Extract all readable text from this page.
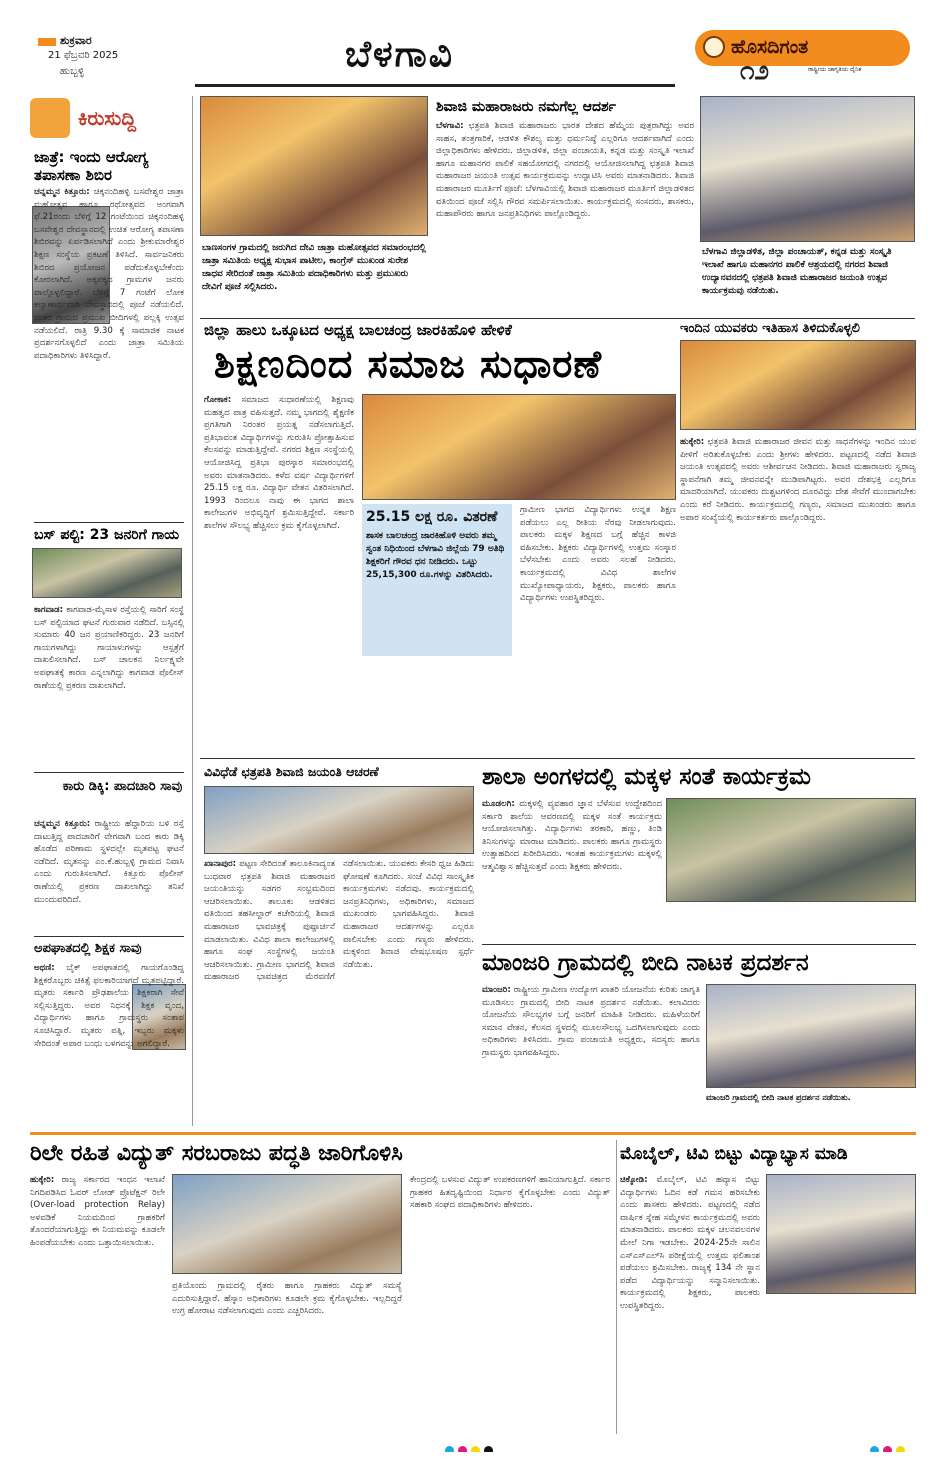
ಶುಕ್ರವಾರ
21 ಫೆಬ್ರವರಿ 2025
ಹುಬ್ಬಳ್ಳಿ	ಬೆಳಗಾವಿ	ಹೊಸದಿಗಂತ
ರಾಷ್ಟ್ರೀಯ ಜಾಗೃತಿಯ ದೈನಿಕ
೧೨
ಕಿರುಸುದ್ದಿ
ಜಾತ್ರೆ: ಇಂದು ಆರೋಗ್ಯ ತಪಾಸಣಾ ಶಿಬಿರ

ಚನ್ನಮ್ಮನ ಕಿತ್ತೂರು: ಚಿಕ್ಕನಂದಿಹಳ್ಳಿ ಬಸವೇಶ್ವರ ಜಾತ್ರಾ ಮಹೋತ್ಸವ ಹಾಗೂ ರಥೋತ್ಸವದ ಅಂಗವಾಗಿ ಫೆ.21ರಂದು ಬೆಳಿಗ್ಗೆ 12 ಗಂಟೆಯಿಂದ ಚಿಕ್ಕನಂದಿಹಳ್ಳಿ ಬಸವೇಶ್ವರ ದೇವಸ್ಥಾನದಲ್ಲಿ ಉಚಿತ ಆರೋಗ್ಯ ತಪಾಸಣಾ ಶಿಬಿರವನ್ನು ಏರ್ಪಡಿಸಲಾಗಿದೆ ಎಂದು ಶ್ರೀಕುಮಾರೇಶ್ವರ ಶಿಕ್ಷಣ ಸಂಸ್ಥೆಯ ಪ್ರಕಟಣೆ ತಿಳಿಸಿದೆ. ಸಾರ್ವಜನಿಕರು ಶಿಬಿರದ ಪ್ರಯೋಜನ ಪಡೆದುಕೊಳ್ಳಬೇಕೆಂದು ಕೋರಲಾಗಿದೆ. ಅಕ್ಕಪಕ್ಕದ ಗ್ರಾಮಗಳ ಜನರು ಪಾಲ್ಗೊಳ್ಳಲಿದ್ದಾರೆ. ಬೆಳಿಗ್ಗೆ 7 ಗಂಟೆಗೆ ಲೋಕ ಕಲ್ಯಾಣಾರ್ಥವಾಗಿ ದೇವಸ್ಥಾನದಲ್ಲಿ ಪೂಜೆ ನಡೆಯಲಿದೆ. ನಂತರ ಗ್ರಾಮದ ಪ್ರಮುಖ ಬೀದಿಗಳಲ್ಲಿ ಪಲ್ಲಕ್ಕಿ ಉತ್ಸವ ನಡೆಯಲಿದೆ. ರಾತ್ರಿ 9.30 ಕ್ಕೆ ಸಾಮಾಜಿಕ ನಾಟಕ ಪ್ರದರ್ಶನಗೊಳ್ಳಲಿದೆ ಎಂದು ಜಾತ್ರಾ ಸಮಿತಿಯ ಪದಾಧಿಕಾರಿಗಳು ತಿಳಿಸಿದ್ದಾರೆ.

ಬಸ್ ಪಲ್ಟಿ: 23 ಜನರಿಗೆ ಗಾಯ

ಕಾಗವಾಡ: ಕಾಗವಾಡ-ಮೈಸಾಳ ರಸ್ತೆಯಲ್ಲಿ ಸಾರಿಗೆ ಸಂಸ್ಥೆ ಬಸ್ ಪಲ್ಟಿಯಾದ ಘಟನೆ ಗುರುವಾರ ನಡೆದಿದೆ. ಬಸ್ಸಿನಲ್ಲಿ ಸುಮಾರು 40 ಜನ ಪ್ರಯಾಣಿಕರಿದ್ದರು. 23 ಜನರಿಗೆ ಗಾಯಗಳಾಗಿದ್ದು ಗಾಯಾಳುಗಳನ್ನು ಆಸ್ಪತ್ರೆಗೆ ದಾಖಲಿಸಲಾಗಿದೆ. ಬಸ್ ಚಾಲಕನ ನಿರ್ಲಕ್ಷ್ಯವೇ ಅಪಘಾತಕ್ಕೆ ಕಾರಣ ಎನ್ನಲಾಗಿದ್ದು ಕಾಗವಾಡ ಪೊಲೀಸ್ ಠಾಣೆಯಲ್ಲಿ ಪ್ರಕರಣ ದಾಖಲಾಗಿದೆ.

ಕಾರು ಡಿಕ್ಕಿ: ಪಾದಚಾರಿ ಸಾವು

ಚನ್ನಮ್ಮನ ಕಿತ್ತೂರು: ರಾಷ್ಟ್ರೀಯ ಹೆದ್ದಾರಿಯ ಬಳಿ ರಸ್ತೆ ದಾಟುತ್ತಿದ್ದ ಪಾದಚಾರಿಗೆ ವೇಗವಾಗಿ ಬಂದ ಕಾರು ಡಿಕ್ಕಿ ಹೊಡೆದ ಪರಿಣಾಮ ಸ್ಥಳದಲ್ಲೇ ಮೃತಪಟ್ಟ ಘಟನೆ ನಡೆದಿದೆ. ಮೃತನನ್ನು ಎಂ.ಕೆ.ಹುಬ್ಬಳ್ಳಿ ಗ್ರಾಮದ ನಿವಾಸಿ ಎಂದು ಗುರುತಿಸಲಾಗಿದೆ. ಕಿತ್ತೂರು ಪೊಲೀಸ್ ಠಾಣೆಯಲ್ಲಿ ಪ್ರಕರಣ ದಾಖಲಾಗಿದ್ದು ತನಿಖೆ ಮುಂದುವರಿದಿದೆ.

ಅಪಘಾತದಲ್ಲಿ ಶಿಕ್ಷಕ ಸಾವು

ಅಥಣಿ: ಬೈಕ್ ಅಪಘಾತದಲ್ಲಿ ಗಾಯಗೊಂಡಿದ್ದ ಶಿಕ್ಷಕರೊಬ್ಬರು ಚಿಕಿತ್ಸೆ ಫಲಕಾರಿಯಾಗದೆ ಮೃತಪಟ್ಟಿದ್ದಾರೆ. ಮೃತರು ಸರ್ಕಾರಿ ಪ್ರೌಢಶಾಲೆಯ ಶಿಕ್ಷಕರಾಗಿ ಸೇವೆ ಸಲ್ಲಿಸುತ್ತಿದ್ದರು. ಅವರ ನಿಧನಕ್ಕೆ ಶಿಕ್ಷಕ ವೃಂದ, ವಿದ್ಯಾರ್ಥಿಗಳು ಹಾಗೂ ಗ್ರಾಮಸ್ಥರು ಸಂತಾಪ ಸೂಚಿಸಿದ್ದಾರೆ. ಮೃತರು ಪತ್ನಿ, ಇಬ್ಬರು ಮಕ್ಕಳು ಸೇರಿದಂತೆ ಅಪಾರ ಬಂಧು ಬಳಗವನ್ನು ಅಗಲಿದ್ದಾರೆ.

ಬಾಣಸಂಗಳ ಗ್ರಾಮದಲ್ಲಿ ಜರುಗಿದ ದೇವಿ ಜಾತ್ರಾ ಮಹೋತ್ಸವದ ಸಮಾರಂಭದಲ್ಲಿ ಜಾತ್ರಾ ಸಮಿತಿಯ ಅಧ್ಯಕ್ಷ ಸುಭಾಸ ಪಾಟೀಲ, ಕಾಂಗ್ರೆಸ್ ಮುಖಂಡ ಸುರೇಶ ಜಾಧವ ಸೇರಿದಂತೆ ಜಾತ್ರಾ ಸಮಿತಿಯ ಪದಾಧಿಕಾರಿಗಳು ಮತ್ತು ಪ್ರಮುಖರು ದೇವಿಗೆ ಪೂಜೆ ಸಲ್ಲಿಸಿದರು.
ಶಿವಾಜಿ ಮಹಾರಾಜರು ನಮಗೆಲ್ಲ ಆದರ್ಶ

ಬೆಳಗಾವಿ: ಛತ್ರಪತಿ ಶಿವಾಜಿ ಮಹಾರಾಜರು ಭಾರತ ದೇಶದ ಹೆಮ್ಮೆಯ ಪುತ್ರರಾಗಿದ್ದು ಅವರ ಸಾಹಸ, ತಂತ್ರಗಾರಿಕೆ, ಆಡಳಿತ ಕೌಶಲ್ಯ ಮತ್ತು ಧರ್ಮನಿಷ್ಠೆ ಎಲ್ಲರಿಗೂ ಆದರ್ಶವಾಗಿದೆ ಎಂದು ಜಿಲ್ಲಾಧಿಕಾರಿಗಳು ಹೇಳಿದರು. ಜಿಲ್ಲಾಡಳಿತ, ಜಿಲ್ಲಾ ಪಂಚಾಯತಿ, ಕನ್ನಡ ಮತ್ತು ಸಂಸ್ಕೃತಿ ಇಲಾಖೆ ಹಾಗೂ ಮಹಾನಗರ ಪಾಲಿಕೆ ಸಹಯೋಗದಲ್ಲಿ ನಗರದಲ್ಲಿ ಆಯೋಜಿಸಲಾಗಿದ್ದ ಛತ್ರಪತಿ ಶಿವಾಜಿ ಮಹಾರಾಜರ ಜಯಂತಿ ಉತ್ಸವ ಕಾರ್ಯಕ್ರಮವನ್ನು ಉದ್ಘಾಟಿಸಿ ಅವರು ಮಾತನಾಡಿದರು. ಶಿವಾಜಿ ಮಹಾರಾಜರ ಮೂರ್ತಿಗೆ ಪೂಜೆ: ಬೆಳಗಾವಿಯಲ್ಲಿ ಶಿವಾಜಿ ಮಹಾರಾಜರ ಮೂರ್ತಿಗೆ ಜಿಲ್ಲಾಡಳಿತದ ವತಿಯಿಂದ ಪೂಜೆ ಸಲ್ಲಿಸಿ ಗೌರವ ಸಮರ್ಪಿಸಲಾಯಿತು. ಕಾರ್ಯಕ್ರಮದಲ್ಲಿ ಸಂಸದರು, ಶಾಸಕರು, ಮಹಾಪೌರರು ಹಾಗೂ ಜನಪ್ರತಿನಿಧಿಗಳು ಪಾಲ್ಗೊಂಡಿದ್ದರು.

ಬೆಳಗಾವಿ ಜಿಲ್ಲಾಡಳಿತ, ಜಿಲ್ಲಾ ಪಂಚಾಯತ್, ಕನ್ನಡ ಮತ್ತು ಸಂಸ್ಕೃತಿ ಇಲಾಖೆ ಹಾಗೂ ಮಹಾನಗರ ಪಾಲಿಕೆ ಆಶ್ರಯದಲ್ಲಿ ನಗರದ ಶಿವಾಜಿ ಉದ್ಯಾನವನದಲ್ಲಿ ಛತ್ರಪತಿ ಶಿವಾಜಿ ಮಹಾರಾಜರ ಜಯಂತಿ ಉತ್ಸವ ಕಾರ್ಯಕ್ರಮವು ನಡೆಯಿತು.
ಜಿಲ್ಲಾ ಹಾಲು ಒಕ್ಕೂಟದ ಅಧ್ಯಕ್ಷ ಬಾಲಚಂದ್ರ ಜಾರಕಿಹೊಳಿ ಹೇಳಿಕೆ
ಶಿಕ್ಷಣದಿಂದ ಸಮಾಜ ಸುಧಾರಣೆ

ಗೋಕಾಕ: ಸಮಾಜದ ಸುಧಾರಣೆಯಲ್ಲಿ ಶಿಕ್ಷಣವು ಮಹತ್ವದ ಪಾತ್ರ ವಹಿಸುತ್ತದೆ. ನಮ್ಮ ಭಾಗದಲ್ಲಿ ಶೈಕ್ಷಣಿಕ ಪ್ರಗತಿಗಾಗಿ ನಿರಂತರ ಪ್ರಯತ್ನ ನಡೆಸಲಾಗುತ್ತಿದೆ. ಪ್ರತಿಭಾವಂತ ವಿದ್ಯಾರ್ಥಿಗಳನ್ನು ಗುರುತಿಸಿ ಪ್ರೋತ್ಸಾಹಿಸುವ ಕೆಲಸವನ್ನು ಮಾಡುತ್ತಿದ್ದೇವೆ. ನಗರದ ಶಿಕ್ಷಣ ಸಂಸ್ಥೆಯಲ್ಲಿ ಆಯೋಜಿಸಿದ್ದ ಪ್ರತಿಭಾ ಪುರಸ್ಕಾರ ಸಮಾರಂಭದಲ್ಲಿ ಅವರು ಮಾತನಾಡಿದರು. ಕಳೆದ ವರ್ಷ ವಿದ್ಯಾರ್ಥಿಗಳಿಗೆ 25.15 ಲಕ್ಷ ರೂ. ವಿದ್ಯಾರ್ಥಿ ವೇತನ ವಿತರಿಸಲಾಗಿದೆ. 1993 ರಿಂದಲೂ ನಾವು ಈ ಭಾಗದ ಶಾಲಾ ಕಾಲೇಜುಗಳ ಅಭಿವೃದ್ಧಿಗೆ ಶ್ರಮಿಸುತ್ತಿದ್ದೇವೆ. ಸರ್ಕಾರಿ ಶಾಲೆಗಳ ಸೌಲಭ್ಯ ಹೆಚ್ಚಿಸಲು ಕ್ರಮ ಕೈಗೊಳ್ಳಲಾಗಿದೆ.

25.15 ಲಕ್ಷ ರೂ. ವಿತರಣೆ
ಶಾಸಕ ಬಾಲಚಂದ್ರ ಜಾರಕಿಹೊಳಿ ಅವರು ತಮ್ಮ ಸ್ವಂತ ನಿಧಿಯಿಂದ ಬೆಳಗಾವಿ ಜಿಲ್ಲೆಯ 79 ಅತಿಥಿ ಶಿಕ್ಷಕರಿಗೆ ಗೌರವ ಧನ ನೀಡಿದರು. ಒಟ್ಟು 25,15,300 ರೂ.ಗಳನ್ನು ವಿತರಿಸಿದರು.

ಗ್ರಾಮೀಣ ಭಾಗದ ವಿದ್ಯಾರ್ಥಿಗಳು ಉನ್ನತ ಶಿಕ್ಷಣ ಪಡೆಯಲು ಎಲ್ಲ ರೀತಿಯ ನೆರವು ನೀಡಲಾಗುವುದು. ಪಾಲಕರು ಮಕ್ಕಳ ಶಿಕ್ಷಣದ ಬಗ್ಗೆ ಹೆಚ್ಚಿನ ಕಾಳಜಿ ವಹಿಸಬೇಕು. ಶಿಕ್ಷಕರು ವಿದ್ಯಾರ್ಥಿಗಳಲ್ಲಿ ಉತ್ತಮ ಸಂಸ್ಕಾರ ಬೆಳೆಸಬೇಕು ಎಂದು ಅವರು ಸಲಹೆ ನೀಡಿದರು. ಕಾರ್ಯಕ್ರಮದಲ್ಲಿ ವಿವಿಧ ಶಾಲೆಗಳ ಮುಖ್ಯೋಪಾಧ್ಯಾಯರು, ಶಿಕ್ಷಕರು, ಪಾಲಕರು ಹಾಗೂ ವಿದ್ಯಾರ್ಥಿಗಳು ಉಪಸ್ಥಿತರಿದ್ದರು.

ಇಂದಿನ ಯುವಕರು ಇತಿಹಾಸ ತಿಳಿದುಕೊಳ್ಳಲಿ

ಹುಕ್ಕೇರಿ: ಛತ್ರಪತಿ ಶಿವಾಜಿ ಮಹಾರಾಜರ ಜೀವನ ಮತ್ತು ಸಾಧನೆಗಳನ್ನು ಇಂದಿನ ಯುವ ಪೀಳಿಗೆ ಅರಿತುಕೊಳ್ಳಬೇಕು ಎಂದು ಶ್ರೀಗಳು ಹೇಳಿದರು. ಪಟ್ಟಣದಲ್ಲಿ ನಡೆದ ಶಿವಾಜಿ ಜಯಂತಿ ಉತ್ಸವದಲ್ಲಿ ಅವರು ಆಶೀರ್ವಚನ ನೀಡಿದರು. ಶಿವಾಜಿ ಮಹಾರಾಜರು ಸ್ವರಾಜ್ಯ ಸ್ಥಾಪನೆಗಾಗಿ ತಮ್ಮ ಜೀವನವನ್ನೇ ಮುಡಿಪಾಗಿಟ್ಟರು. ಅವರ ದೇಶಭಕ್ತಿ ಎಲ್ಲರಿಗೂ ಮಾದರಿಯಾಗಿದೆ. ಯುವಕರು ದುಶ್ಚಟಗಳಿಂದ ದೂರವಿದ್ದು ದೇಶ ಸೇವೆಗೆ ಮುಂದಾಗಬೇಕು ಎಂದು ಕರೆ ನೀಡಿದರು. ಕಾರ್ಯಕ್ರಮದಲ್ಲಿ ಗಣ್ಯರು, ಸಮಾಜದ ಮುಖಂಡರು ಹಾಗೂ ಅಪಾರ ಸಂಖ್ಯೆಯಲ್ಲಿ ಕಾರ್ಯಕರ್ತರು ಪಾಲ್ಗೊಂಡಿದ್ದರು.

ವಿವಿಧೆಡೆ ಛತ್ರಪತಿ ಶಿವಾಜಿ ಜಯಂತಿ ಆಚರಣೆ

ಖಾನಾಪುರ: ಪಟ್ಟಣ ಸೇರಿದಂತೆ ತಾಲೂಕಿನಾದ್ಯಂತ ಬುಧವಾರ ಛತ್ರಪತಿ ಶಿವಾಜಿ ಮಹಾರಾಜರ ಜಯಂತಿಯನ್ನು ಸಡಗರ ಸಂಭ್ರಮದಿಂದ ಆಚರಿಸಲಾಯಿತು. ತಾಲೂಕು ಆಡಳಿತದ ವತಿಯಿಂದ ತಹಸೀಲ್ದಾರ್ ಕಚೇರಿಯಲ್ಲಿ ಶಿವಾಜಿ ಮಹಾರಾಜರ ಭಾವಚಿತ್ರಕ್ಕೆ ಪುಷ್ಪಾರ್ಚನೆ ಮಾಡಲಾಯಿತು. ವಿವಿಧ ಶಾಲಾ ಕಾಲೇಜುಗಳಲ್ಲಿ ಹಾಗೂ ಸಂಘ ಸಂಸ್ಥೆಗಳಲ್ಲಿ ಜಯಂತಿ ಆಚರಿಸಲಾಯಿತು. ಗ್ರಾಮೀಣ ಭಾಗದಲ್ಲಿ ಶಿವಾಜಿ ಮಹಾರಾಜರ ಭಾವಚಿತ್ರದ ಮೆರವಣಿಗೆ ನಡೆಸಲಾಯಿತು. ಯುವಕರು ಕೇಸರಿ ಧ್ವಜ ಹಿಡಿದು ಘೋಷಣೆ ಕೂಗಿದರು. ಸಂಜೆ ವಿವಿಧ ಸಾಂಸ್ಕೃತಿಕ ಕಾರ್ಯಕ್ರಮಗಳು ನಡೆದವು. ಕಾರ್ಯಕ್ರಮದಲ್ಲಿ ಜನಪ್ರತಿನಿಧಿಗಳು, ಅಧಿಕಾರಿಗಳು, ಸಮಾಜದ ಮುಖಂಡರು ಭಾಗವಹಿಸಿದ್ದರು. ಶಿವಾಜಿ ಮಹಾರಾಜರ ಆದರ್ಶಗಳನ್ನು ಎಲ್ಲರೂ ಪಾಲಿಸಬೇಕು ಎಂದು ಗಣ್ಯರು ಹೇಳಿದರು. ಮಕ್ಕಳಿಂದ ಶಿವಾಜಿ ವೇಷಭೂಷಣ ಸ್ಪರ್ಧೆ ನಡೆಯಿತು.

ಶಾಲಾ ಅಂಗಳದಲ್ಲಿ ಮಕ್ಕಳ ಸಂತೆ ಕಾರ್ಯಕ್ರಮ

ಮೂಡಲಗಿ: ಮಕ್ಕಳಲ್ಲಿ ವ್ಯವಹಾರ ಜ್ಞಾನ ಬೆಳೆಸುವ ಉದ್ದೇಶದಿಂದ ಸರ್ಕಾರಿ ಶಾಲೆಯ ಆವರಣದಲ್ಲಿ ಮಕ್ಕಳ ಸಂತೆ ಕಾರ್ಯಕ್ರಮ ಆಯೋಜಿಸಲಾಗಿತ್ತು. ವಿದ್ಯಾರ್ಥಿಗಳು ತರಕಾರಿ, ಹಣ್ಣು, ತಿಂಡಿ ತಿನಿಸುಗಳನ್ನು ಮಾರಾಟ ಮಾಡಿದರು. ಪಾಲಕರು ಹಾಗೂ ಗ್ರಾಮಸ್ಥರು ಉತ್ಸಾಹದಿಂದ ಖರೀದಿಸಿದರು. ಇಂತಹ ಕಾರ್ಯಕ್ರಮಗಳು ಮಕ್ಕಳಲ್ಲಿ ಆತ್ಮವಿಶ್ವಾಸ ಹೆಚ್ಚಿಸುತ್ತವೆ ಎಂದು ಶಿಕ್ಷಕರು ಹೇಳಿದರು.

ಮಾಂಜರಿ ಗ್ರಾಮದಲ್ಲಿ ಬೀದಿ ನಾಟಕ ಪ್ರದರ್ಶನ

ಮಾಂಜರಿ: ರಾಷ್ಟ್ರೀಯ ಗ್ರಾಮೀಣ ಉದ್ಯೋಗ ಖಾತರಿ ಯೋಜನೆಯ ಕುರಿತು ಜಾಗೃತಿ ಮೂಡಿಸಲು ಗ್ರಾಮದಲ್ಲಿ ಬೀದಿ ನಾಟಕ ಪ್ರದರ್ಶನ ನಡೆಯಿತು. ಕಲಾವಿದರು ಯೋಜನೆಯ ಸೌಲಭ್ಯಗಳ ಬಗ್ಗೆ ಜನರಿಗೆ ಮಾಹಿತಿ ನೀಡಿದರು. ಮಹಿಳೆಯರಿಗೆ ಸಮಾನ ವೇತನ, ಕೆಲಸದ ಸ್ಥಳದಲ್ಲಿ ಮೂಲಸೌಲಭ್ಯ ಒದಗಿಸಲಾಗುವುದು ಎಂದು ಅಧಿಕಾರಿಗಳು ತಿಳಿಸಿದರು. ಗ್ರಾಮ ಪಂಚಾಯತಿ ಅಧ್ಯಕ್ಷರು, ಸದಸ್ಯರು ಹಾಗೂ ಗ್ರಾಮಸ್ಥರು ಭಾಗವಹಿಸಿದ್ದರು.

ಮಾಂಜರಿ ಗ್ರಾಮದಲ್ಲಿ ಬೀದಿ ನಾಟಕ ಪ್ರದರ್ಶನ ನಡೆಯಿತು.
ರಿಲೇ ರಹಿತ ವಿದ್ಯುತ್ ಸರಬರಾಜು ಪದ್ಧತಿ ಜಾರಿಗೊಳಿಸಿ

ಹುಕ್ಕೇರಿ: ರಾಜ್ಯ ಸರ್ಕಾರದ ಇಂಧನ ಇಲಾಖೆ ನಿಗದಿಪಡಿಸಿದ ಓವರ್ ಲೋಡ್ ಪ್ರೊಟೆಕ್ಷನ್ ರಿಲೇ (Over-load protection Relay) ಅಳವಡಿಕೆ ನಿಯಮದಿಂದ ಗ್ರಾಹಕರಿಗೆ ತೊಂದರೆಯಾಗುತ್ತಿದ್ದು ಈ ನಿಯಮವನ್ನು ಕೂಡಲೇ ಹಿಂಪಡೆಯಬೇಕು ಎಂದು ಒತ್ತಾಯಿಸಲಾಯಿತು.

ಪ್ರತಿಯೊಂದು ಗ್ರಾಮದಲ್ಲಿ ರೈತರು ಹಾಗೂ ಗ್ರಾಹಕರು ವಿದ್ಯುತ್ ಸಮಸ್ಯೆ ಎದುರಿಸುತ್ತಿದ್ದಾರೆ. ಹೆಸ್ಕಾಂ ಅಧಿಕಾರಿಗಳು ಕೂಡಲೇ ಕ್ರಮ ಕೈಗೊಳ್ಳಬೇಕು. ಇಲ್ಲದಿದ್ದರೆ ಉಗ್ರ ಹೋರಾಟ ನಡೆಸಲಾಗುವುದು ಎಂದು ಎಚ್ಚರಿಸಿದರು.

ಕೇಂದ್ರದಲ್ಲಿ ಬಳಸುವ ವಿದ್ಯುತ್ ಉಪಕರಣಗಳಿಗೆ ಹಾನಿಯಾಗುತ್ತಿದೆ. ಸರ್ಕಾರ ಗ್ರಾಹಕರ ಹಿತದೃಷ್ಟಿಯಿಂದ ನಿರ್ಧಾರ ಕೈಗೊಳ್ಳಬೇಕು ಎಂದು ವಿದ್ಯುತ್ ಸಹಕಾರಿ ಸಂಘದ ಪದಾಧಿಕಾರಿಗಳು ಹೇಳಿದರು.

ಮೊಬೈಲ್, ಟಿವಿ ಬಿಟ್ಟು ವಿದ್ಯಾಭ್ಯಾಸ ಮಾಡಿ

ಚಿಕ್ಕೋಡಿ: ಮೊಬೈಲ್, ಟಿವಿ ಹವ್ಯಾಸ ಬಿಟ್ಟು ವಿದ್ಯಾರ್ಥಿಗಳು ಓದಿನ ಕಡೆ ಗಮನ ಹರಿಸಬೇಕು ಎಂದು ಶಾಸಕರು ಹೇಳಿದರು. ಪಟ್ಟಣದಲ್ಲಿ ನಡೆದ ವಾರ್ಷಿಕ ಸ್ನೇಹ ಸಮ್ಮೇಳನ ಕಾರ್ಯಕ್ರಮದಲ್ಲಿ ಅವರು ಮಾತನಾಡಿದರು. ಪಾಲಕರು ಮಕ್ಕಳ ಚಲನವಲನಗಳ ಮೇಲೆ ನಿಗಾ ಇಡಬೇಕು. 2024-25ನೇ ಸಾಲಿನ ಎಸ್ಎಸ್ಎಲ್‌ಸಿ ಪರೀಕ್ಷೆಯಲ್ಲಿ ಉತ್ತಮ ಫಲಿತಾಂಶ ಪಡೆಯಲು ಶ್ರಮಿಸಬೇಕು. ರಾಜ್ಯಕ್ಕೆ 134 ನೇ ಸ್ಥಾನ ಪಡೆದ ವಿದ್ಯಾರ್ಥಿಯನ್ನು ಸನ್ಮಾನಿಸಲಾಯಿತು. ಕಾರ್ಯಕ್ರಮದಲ್ಲಿ ಶಿಕ್ಷಕರು, ಪಾಲಕರು ಉಪಸ್ಥಿತರಿದ್ದರು.
